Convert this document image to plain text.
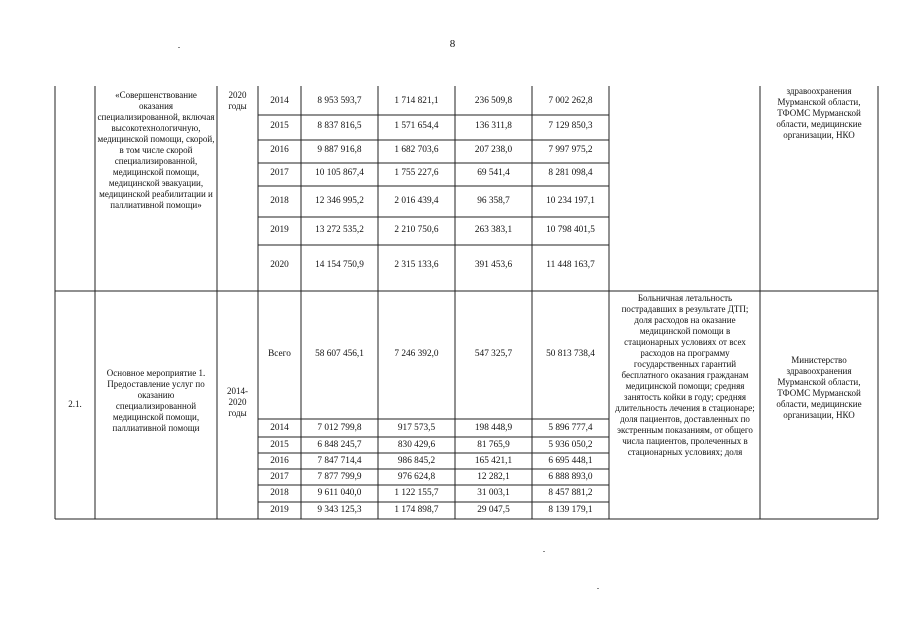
8
«Совершенствование оказания специализированной, включая высокотехнологичную, медицинской помощи, скорой, в том числе скорой специализированной, медицинской помощи, медицинской эвакуации, медицинской реабилитации и паллиативной помощи»
2020 годы
здравоохранения Мурманской области, ТФОМС Мурманской области, медицинские организации, НКО
2014	8 953 593,7	1 714 821,1	236 509,8	7 002 262,8
2015	8 837 816,5	1 571 654,4	136 311,8	7 129 850,3
2016	9 887 916,8	1 682 703,6	207 238,0	7 997 975,2
2017	10 105 867,4	1 755 227,6	69 541,4	8 281 098,4
2018	12 346 995,2	2 016 439,4	96 358,7	10 234 197,1
2019	13 272 535,2	2 210 750,6	263 383,1	10 798 401,5
2020	14 154 750,9	2 315 133,6	391 453,6	11 448 163,7
2.1.
Основное мероприятие 1. Предоставление услуг по оказанию специализированной медицинской помощи, паллиативной помощи
2014-2020 годы
Больничная летальность пострадавших в результате ДТП; доля расходов на оказание медицинской помощи в стационарных условиях от всех расходов на программу государственных гарантий бесплатного оказания гражданам медицинской помощи; средняя занятость койки в году; средняя длительность лечения в стационаре; доля пациентов, доставленных по экстренным показаниям, от общего числа пациентов, пролеченных в стационарных условиях; доля
Министерство здравоохранения Мурманской области, ТФОМС Мурманской области, медицинские организации, НКО
Всего	58 607 456,1	7 246 392,0	547 325,7	50 813 738,4
2014	7 012 799,8	917 573,5	198 448,9	5 896 777,4
2015	6 848 245,7	830 429,6	81 765,9	5 936 050,2
2016	7 847 714,4	986 845,2	165 421,1	6 695 448,1
2017	7 877 799,9	976 624,8	12 282,1	6 888 893,0
2018	9 611 040,0	1 122 155,7	31 003,1	8 457 881,2
2019	9 343 125,3	1 174 898,7	29 047,5	8 139 179,1
